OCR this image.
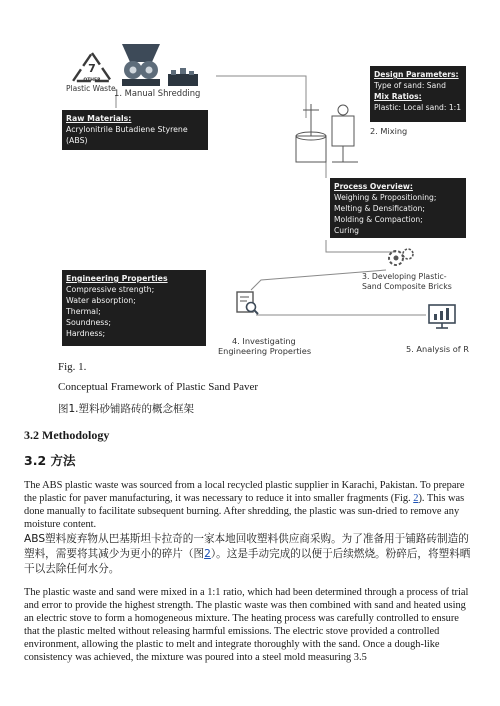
7
OTHER
Plastic Waste
1. Manual Shredding
Design Parameters:
Type of sand: Sand
Mix Ratios:
Plastic: Local sand: 1:1
Raw Materials:
Acrylonitrile Butadiene Styrene
(ABS)
2. Mixing
Process Overview:
Weighing & Propositioning;
Melting & Densification;
Molding & Compaction;
Curing
3. Developing Plastic-
Sand Composite Bricks
Engineering Properties
Compressive strength;
Water absorption;
Thermal;
Soundness;
Hardness;
4. Investigating
Engineering Properties	5. Analysis of R
Fig. 1.
Conceptual Framework of Plastic Sand Paver
图1.塑料砂铺路砖的概念框架
3.2 Methodology
3.2 方法

The ABS plastic waste was sourced from a local recycled plastic supplier in Karachi, Pakistan. To prepare the plastic for paver manufacturing, it was necessary to reduce it into smaller fragments (Fig. 2). This was done manually to facilitate subsequent burning. After shredding, the plastic was sun-dried to remove any moisture content.

ABS塑料废弃物从巴基斯坦卡拉奇的一家本地回收塑料供应商采购。为了准备用于铺路砖制造的塑料，需要将其减少为更小的碎片（图2）。这是手动完成的以便于后续燃烧。粉碎后，将塑料晒干以去除任何水分。

The plastic waste and sand were mixed in a 1:1 ratio, which had been determined through a process of trial and error to provide the highest strength. The plastic waste was then combined with sand and heated using an electric stove to form a homogeneous mixture. The heating process was carefully controlled to ensure that the plastic melted without releasing harmful emissions. The electric stove provided a controlled environment, allowing the plastic to melt and integrate thoroughly with the sand. Once a dough-like consistency was achieved, the mixture was poured into a steel mold measuring 3.5
